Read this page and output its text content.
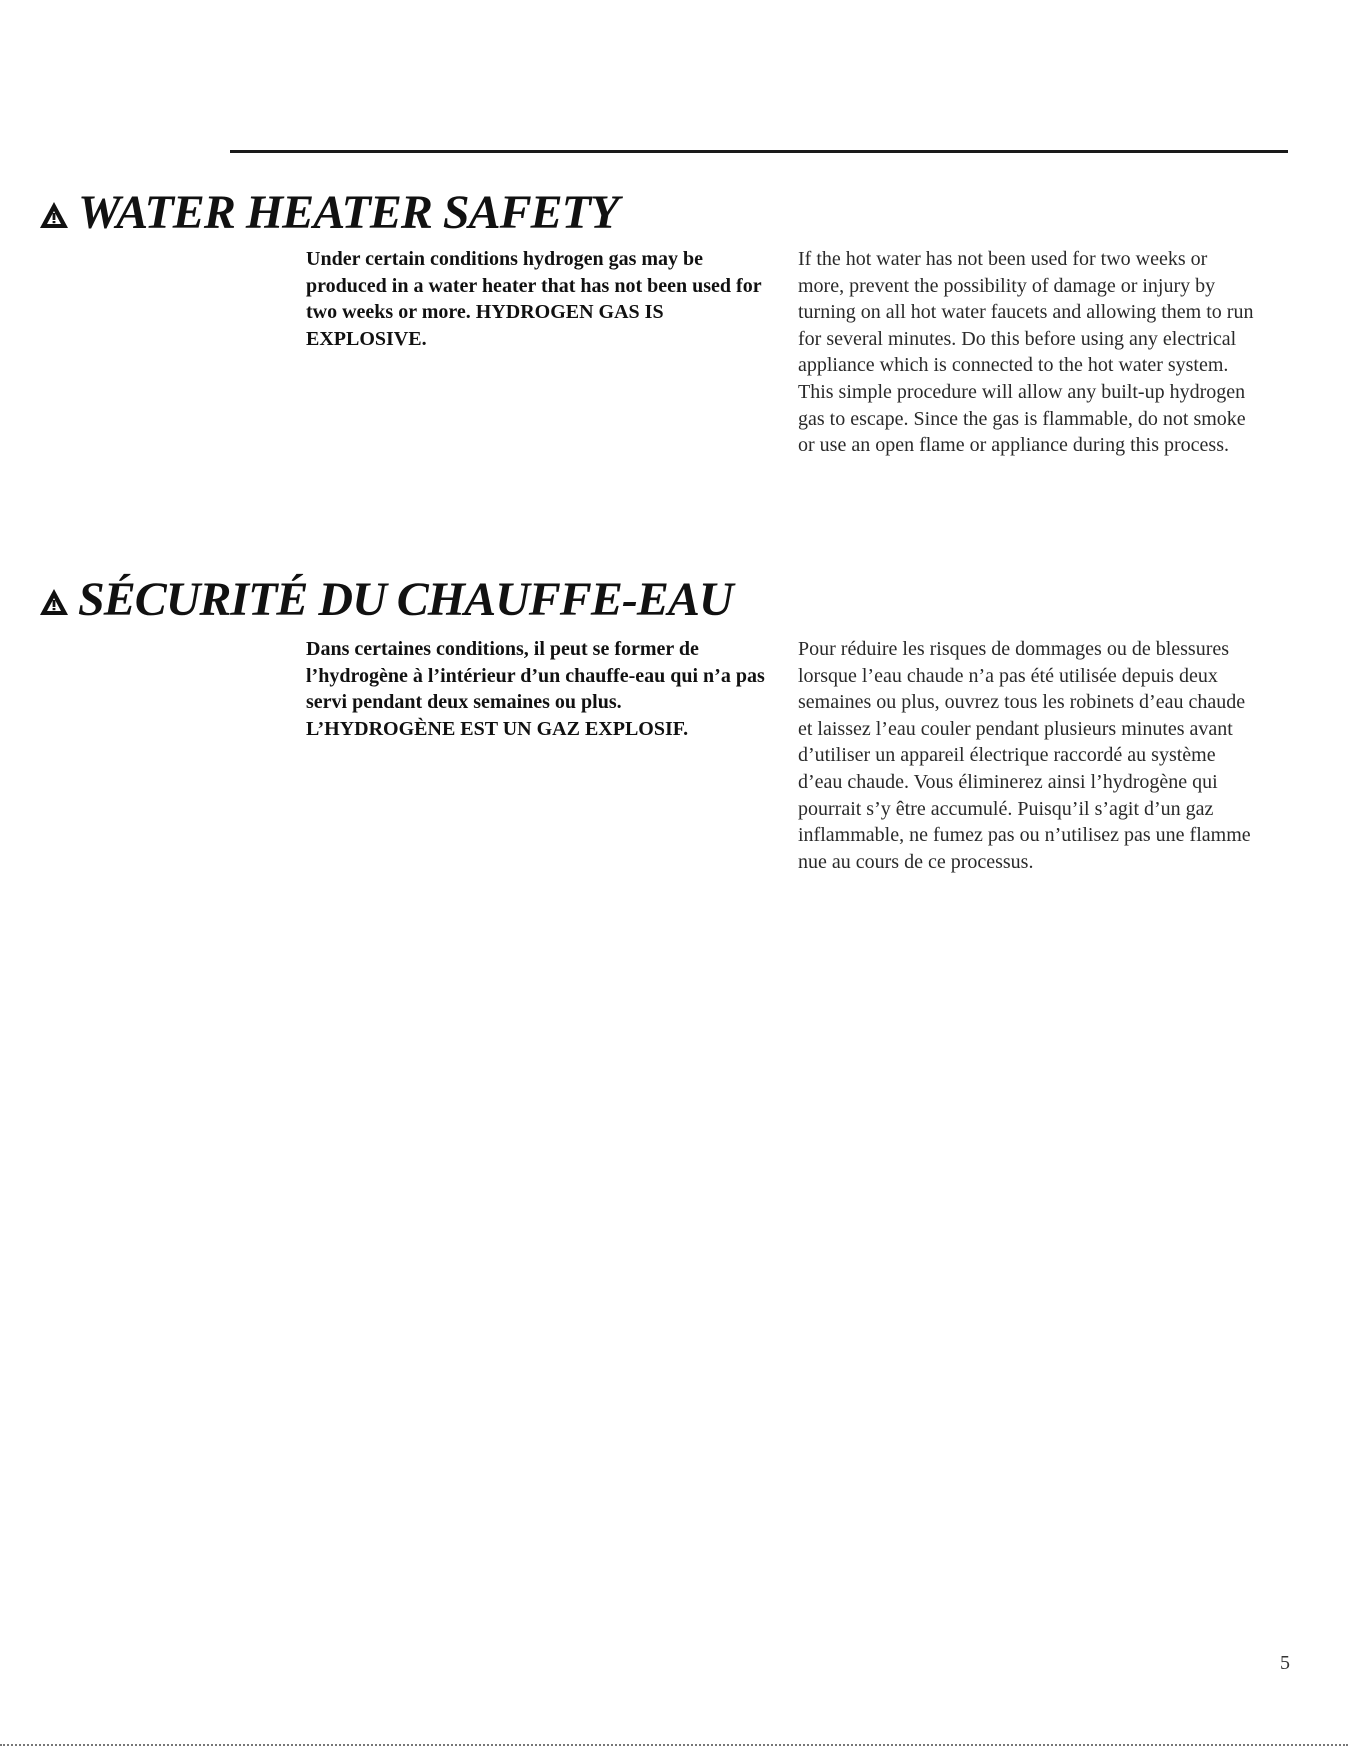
WATER HEATER SAFETY

Under certain conditions hydrogen gas may be produced in a water heater that has not been used for two weeks or more. HYDROGEN GAS IS EXPLOSIVE.

If the hot water has not been used for two weeks or more, prevent the possibility of damage or injury by turning on all hot water faucets and allowing them to run for several minutes. Do this before using any electrical appliance which is connected to the hot water system. This simple procedure will allow any built-up hydrogen gas to escape. Since the gas is flammable, do not smoke or use an open flame or appliance during this process.

SÉCURITÉ DU CHAUFFE-EAU

Dans certaines conditions, il peut se former de l’hydrogène à l’intérieur d’un chauffe-eau qui n’a pas servi pendant deux semaines ou plus. L’HYDROGÈNE EST UN GAZ EXPLOSIF.

Pour réduire les risques de dommages ou de blessures lorsque l’eau chaude n’a pas été utilisée depuis deux semaines ou plus, ouvrez tous les robinets d’eau chaude et laissez l’eau couler pendant plusieurs minutes avant d’utiliser un appareil électrique raccordé au système d’eau chaude. Vous éliminerez ainsi l’hydrogène qui pourrait s’y être accumulé. Puisqu’il s’agit d’un gaz inflammable, ne fumez pas ou n’utilisez pas une flamme nue au cours de ce processus.

5
